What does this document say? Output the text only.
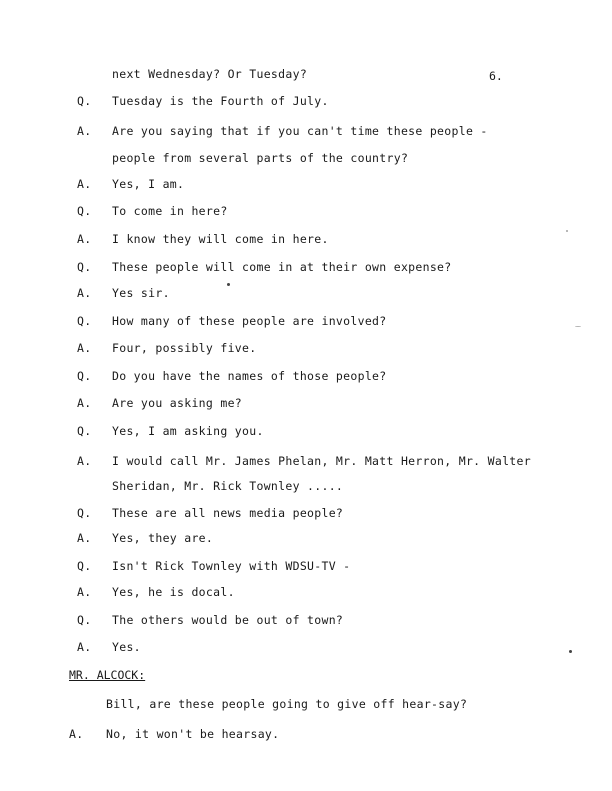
6.
next Wednesday? Or Tuesday?
Q. Tuesday is the Fourth of July.
A. Are you saying that if you can't time these people -
people from several parts of the country?
A. Yes, I am.
Q. To come in here?
A. I know they will come in here.
Q. These people will come in at their own expense?
A. Yes sir.
Q. How many of these people are involved?
A. Four, possibly five.
Q. Do you have the names of those people?
A. Are you asking me?
Q. Yes, I am asking you.
A. I would call Mr. James Phelan, Mr. Matt Herron, Mr. Walter
Sheridan, Mr. Rick Townley .....
Q. These are all news media people?
A. Yes, they are.
Q. Isn't Rick Townley with WDSU-TV -
A. Yes, he is docal.
Q. The others would be out of town?
A. Yes.
MR. ALCOCK:
Bill, are these people going to give off hear-say?
A. No, it won't be hearsay.
